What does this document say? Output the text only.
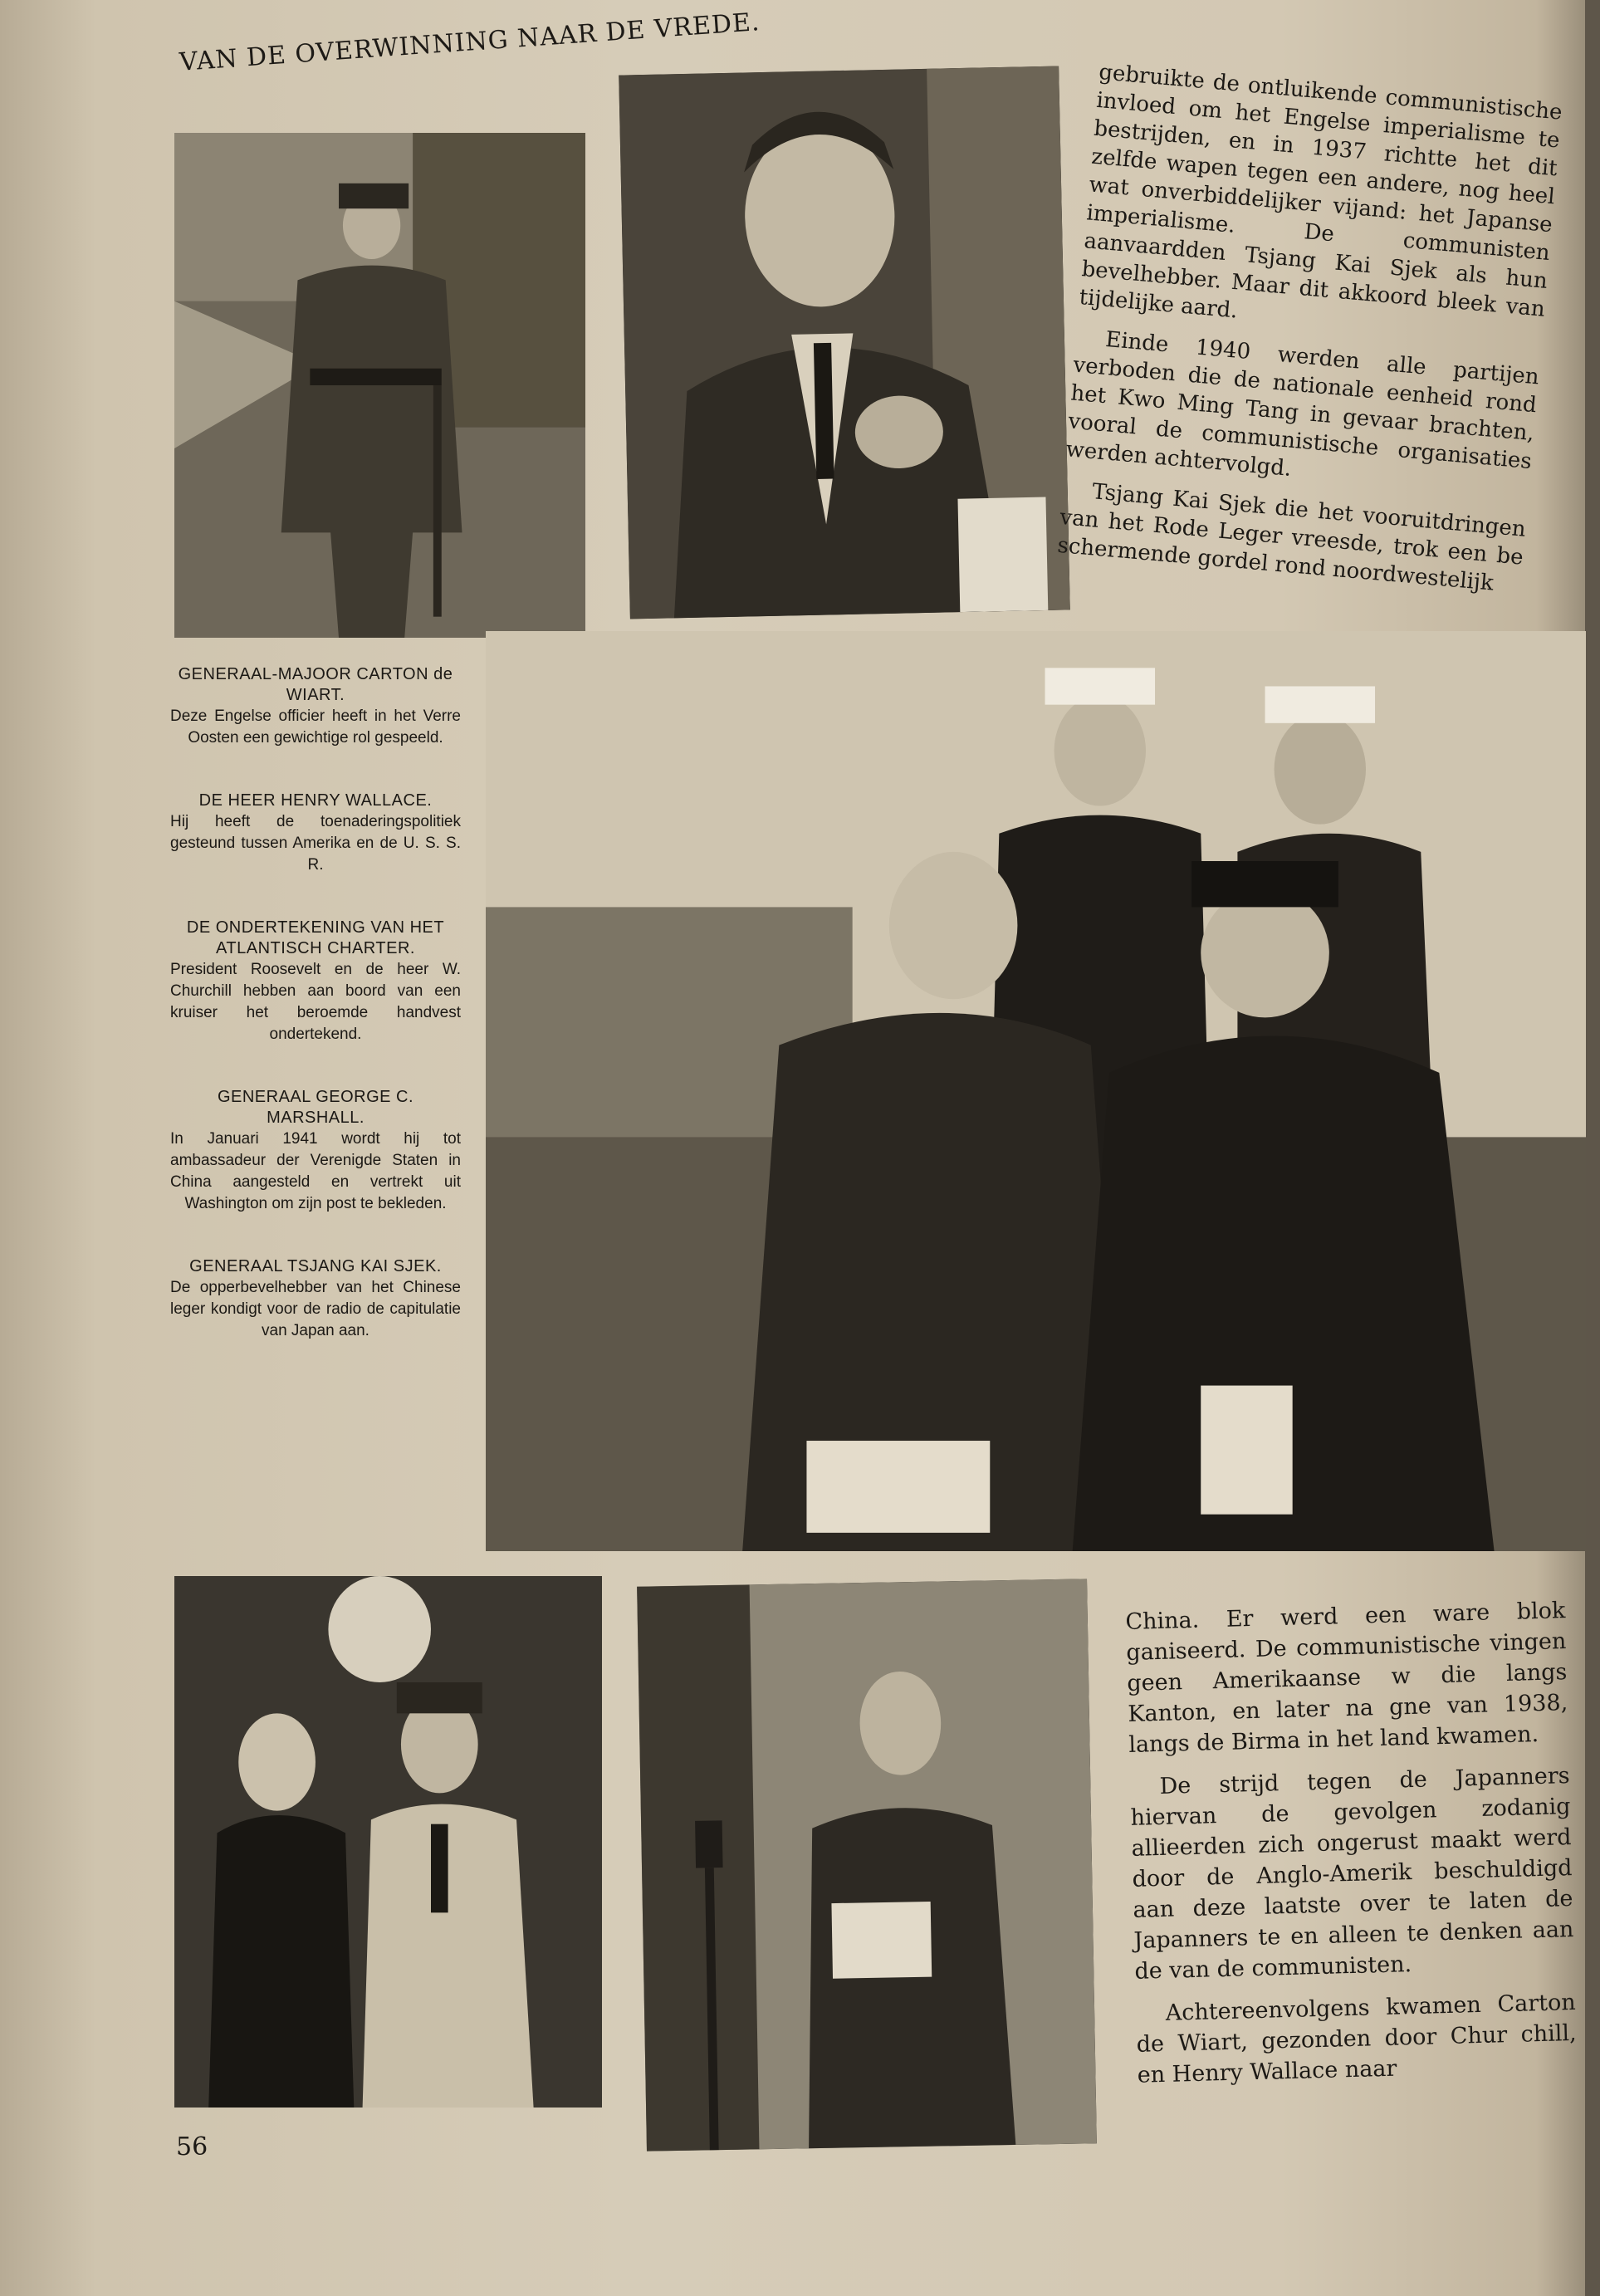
VAN DE OVERWINNING NAAR DE VREDE.

gebruikte de ontluikende communistische invloed om het Engelse imperialisme te bestrijden, en in 1937 richtte het dit zelfde wapen tegen een andere, nog heel wat onverbiddelijker vijand: het Japanse imperialisme. De communisten aanvaardden Tsjang Kai Sjek als hun bevelhebber. Maar dit akkoord bleek van tijdelijke aard.

Einde 1940 werden alle partijen verboden die de nationale eenheid rond het Kwo Ming Tang in gevaar brachten, vooral de communistische organisaties werden achtervolgd.

Tsjang Kai Sjek die het vooruitdringen van het Rode Leger vreesde, trok een be schermende gordel rond noordwestelijk

GENERAAL-MAJOOR CARTON de WIART.
Deze Engelse officier heeft in het Verre Oosten een gewichtige rol gespeeld.
DE HEER HENRY WALLACE.
Hij heeft de toenaderingspolitiek gesteund tussen Amerika en de U. S. S. R.
DE ONDERTEKENING VAN HET ATLANTISCH CHARTER.
President Roosevelt en de heer W. Churchill hebben aan boord van een kruiser het beroemde handvest ondertekend.
GENERAAL GEORGE C. MARSHALL.
In Januari 1941 wordt hij tot ambassadeur der Verenigde Staten in China aangesteld en vertrekt uit Washington om zijn post te bekleden.
GENERAAL TSJANG KAI SJEK.
De opperbevelhebber van het Chinese leger kondigt voor de radio de capitulatie van Japan aan.

China. Er werd een ware blok ganiseerd. De communistische vingen geen Amerikaanse w die langs Kanton, en later na gne van 1938, langs de Birma in het land kwamen.

De strijd tegen de Japanners hiervan de gevolgen zodanig allieerden zich ongerust maakt werd door de Anglo-Amerik beschuldigd aan deze laatste over te laten de Japanners te en alleen te denken aan de van de communisten.

Achtereenvolgens kwamen Carton de Wiart, gezonden door Chur chill, en Henry Wallace naar

56
